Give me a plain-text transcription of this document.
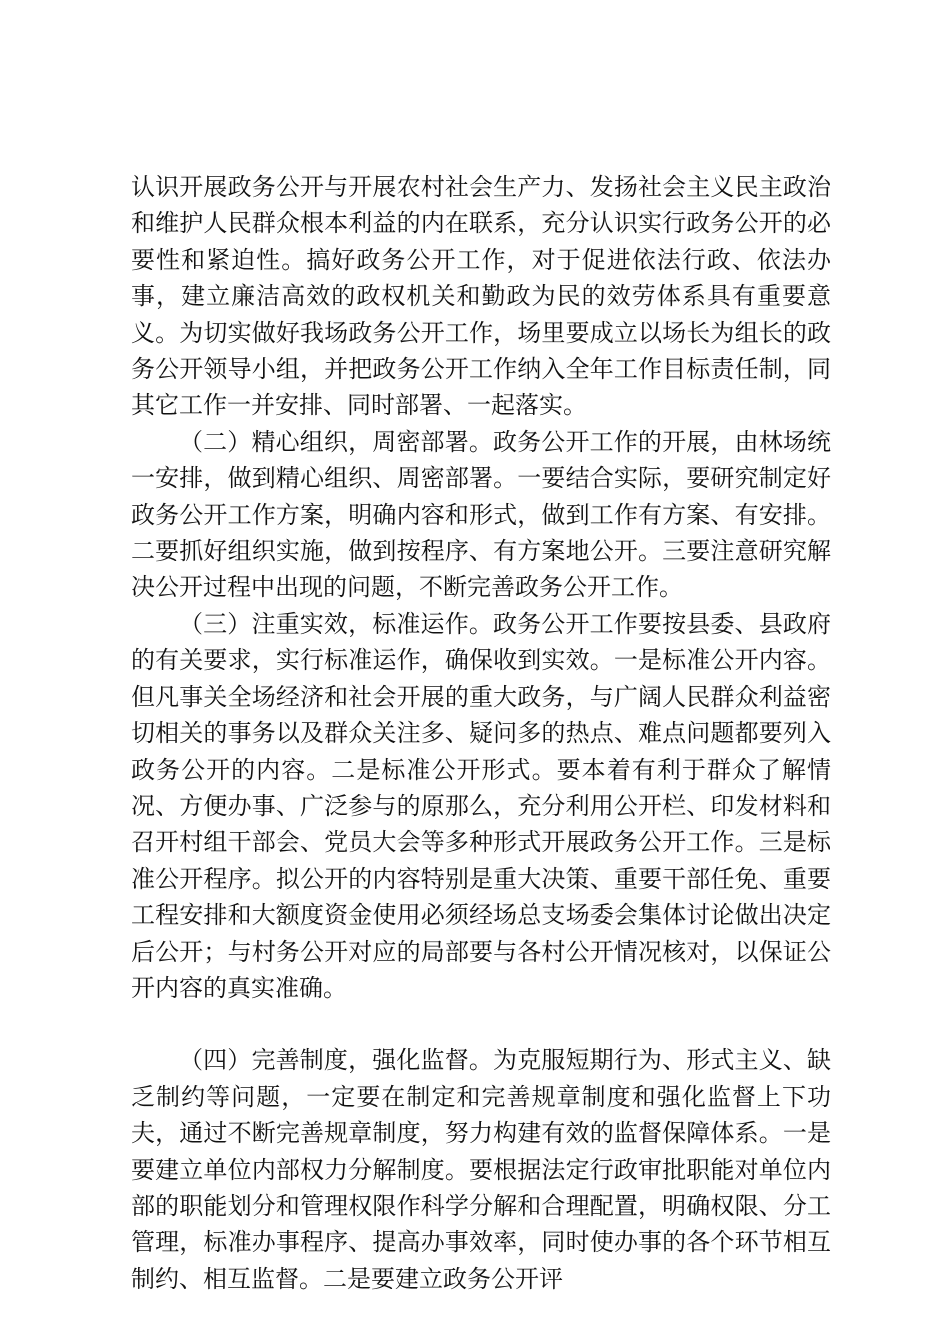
认识开展政务公开与开展农村社会生产力、发扬社会主义民主政治和维护人民群众根本利益的内在联系，充分认识实行政务公开的必要性和紧迫性。搞好政务公开工作，对于促进依法行政、依法办事，建立廉洁高效的政权机关和勤政为民的效劳体系具有重要意义。为切实做好我场政务公开工作，场里要成立以场长为组长的政务公开领导小组，并把政务公开工作纳入全年工作目标责任制，同其它工作一并安排、同时部署、一起落实。

（二）精心组织，周密部署。政务公开工作的开展，由林场统一安排，做到精心组织、周密部署。一要结合实际，要研究制定好政务公开工作方案，明确内容和形式，做到工作有方案、有安排。二要抓好组织实施，做到按程序、有方案地公开。三要注意研究解决公开过程中出现的问题，不断完善政务公开工作。

（三）注重实效，标准运作。政务公开工作要按县委、县政府的有关要求，实行标准运作，确保收到实效。一是标准公开内容。但凡事关全场经济和社会开展的重大政务，与广阔人民群众利益密切相关的事务以及群众关注多、疑问多的热点、难点问题都要列入政务公开的内容。二是标准公开形式。要本着有利于群众了解情况、方便办事、广泛参与的原那么，充分利用公开栏、印发材料和召开村组干部会、党员大会等多种形式开展政务公开工作。三是标准公开程序。拟公开的内容特别是重大决策、重要干部任免、重要工程安排和大额度资金使用必须经场总支场委会集体讨论做出决定后公开；与村务公开对应的局部要与各村公开情况核对，以保证公开内容的真实准确。

（四）完善制度，强化监督。为克服短期行为、形式主义、缺乏制约等问题，一定要在制定和完善规章制度和强化监督上下功夫，通过不断完善规章制度，努力构建有效的监督保障体系。一是要建立单位内部权力分解制度。要根据法定行政审批职能对单位内部的职能划分和管理权限作科学分解和合理配置，明确权限、分工管理，标准办事程序、提高办事效率，同时使办事的各个环节相互制约、相互监督。二是要建立政务公开评
